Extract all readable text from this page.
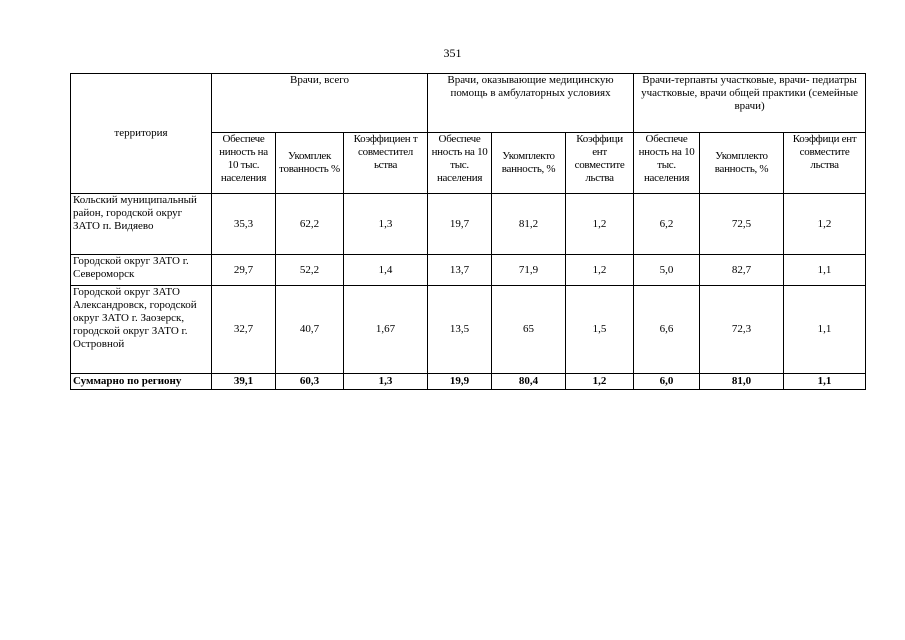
351
территория	Врачи, всего			Врачи, оказывающие медицинскую помощь в амбулаторных условиях			Врачи-терпавты участковые, врачи- педиатры участковые, врачи общей практики (семейные врачи)		
	Обеспече ниность на 10 тыс. населения	Укомплек тованность %	Коэффициен т совместител ьства	Обеспече нность на 10 тыс. населения	Укомплекто ванность, %	Коэффици ент совместите льства	Обеспече нность на 10 тыс. населения	Укомплекто ванность, %	Коэффици ент совместите льства
Кольский муниципальный район, городской округ ЗАТО п. Видяево	35,3	62,2	1,3	19,7	81,2	1,2	6,2	72,5	1,2
Городской округ ЗАТО г. Североморск	29,7	52,2	1,4	13,7	71,9	1,2	5,0	82,7	1,1
Городской округ ЗАТО Александровск, городской округ ЗАТО г. Заозерск, городской округ ЗАТО г. Островной	32,7	40,7	1,67	13,5	65	1,5	6,6	72,3	1,1
Суммарно по региону	39,1	60,3	1,3	19,9	80,4	1,2	6,0	81,0	1,1
